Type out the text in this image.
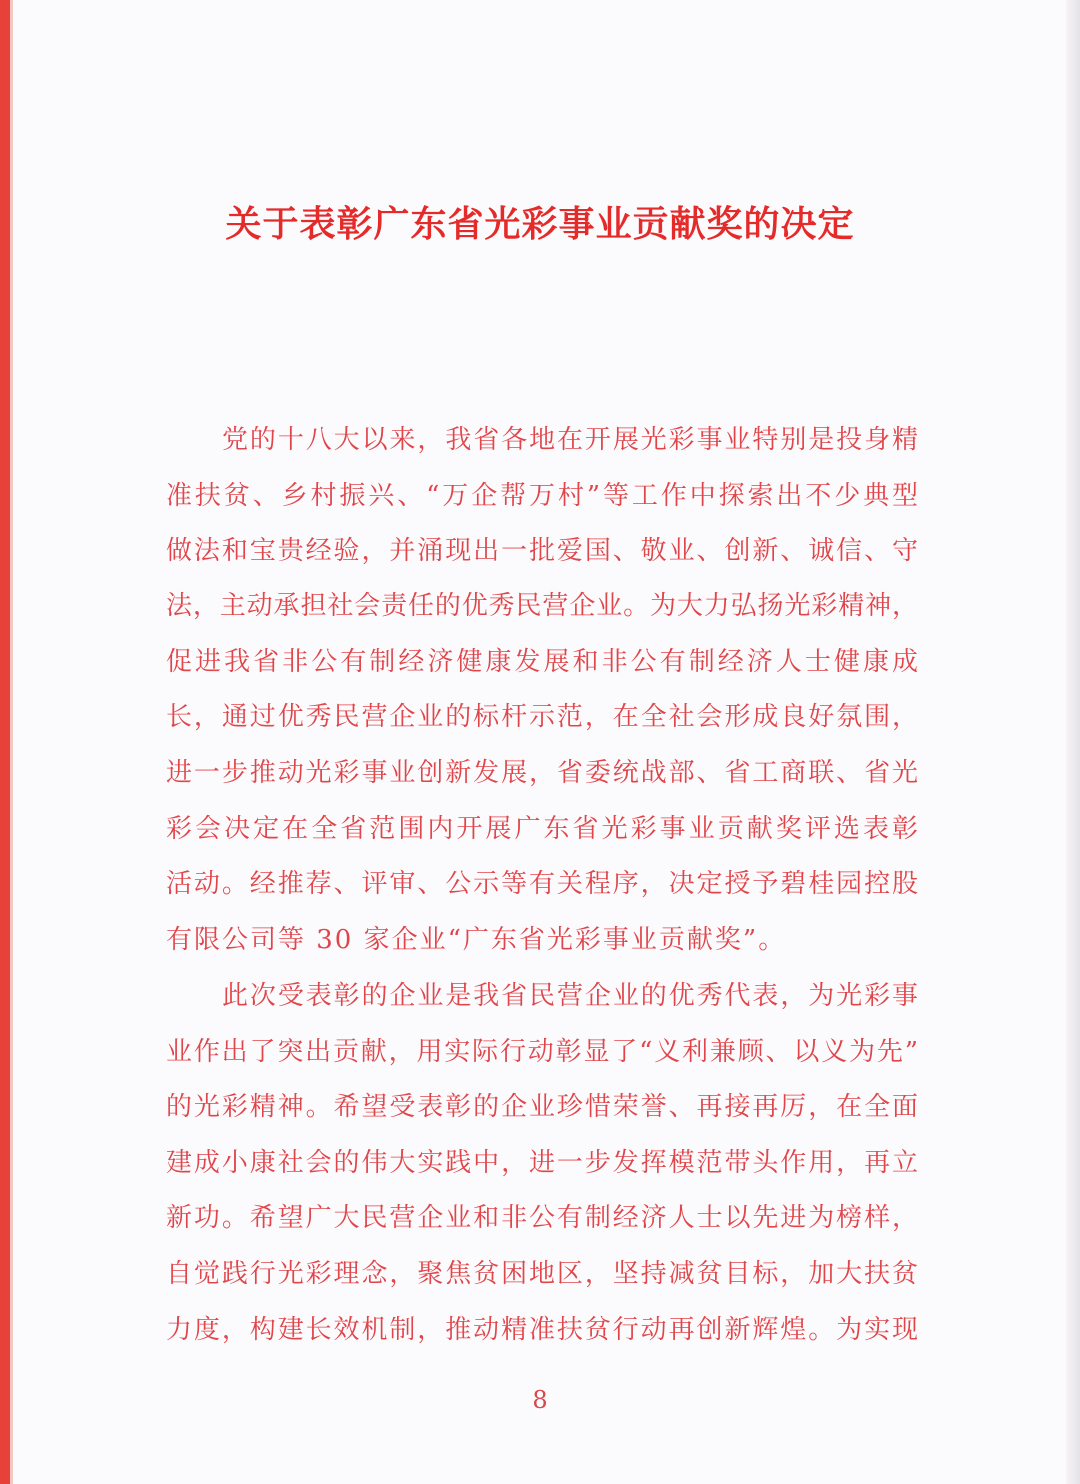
关于表彰广东省光彩事业贡献奖的决定
党的十八大以来，我省各地在开展光彩事业特别是投身精
准扶贫、乡村振兴、“万企帮万村”等工作中探索出不少典型
做法和宝贵经验，并涌现出一批爱国、敬业、创新、诚信、守
法，主动承担社会责任的优秀民营企业。为大力弘扬光彩精神，
促进我省非公有制经济健康发展和非公有制经济人士健康成
长，通过优秀民营企业的标杆示范，在全社会形成良好氛围，
进一步推动光彩事业创新发展，省委统战部、省工商联、省光
彩会决定在全省范围内开展广东省光彩事业贡献奖评选表彰
活动。经推荐、评审、公示等有关程序，决定授予碧桂园控股
有限公司等 30 家企业“广东省光彩事业贡献奖”。
此次受表彰的企业是我省民营企业的优秀代表，为光彩事
业作出了突出贡献，用实际行动彰显了“义利兼顾、以义为先”
的光彩精神。希望受表彰的企业珍惜荣誉、再接再厉，在全面
建成小康社会的伟大实践中，进一步发挥模范带头作用，再立
新功。希望广大民营企业和非公有制经济人士以先进为榜样，
自觉践行光彩理念，聚焦贫困地区，坚持减贫目标，加大扶贫
力度，构建长效机制，推动精准扶贫行动再创新辉煌。为实现
8
